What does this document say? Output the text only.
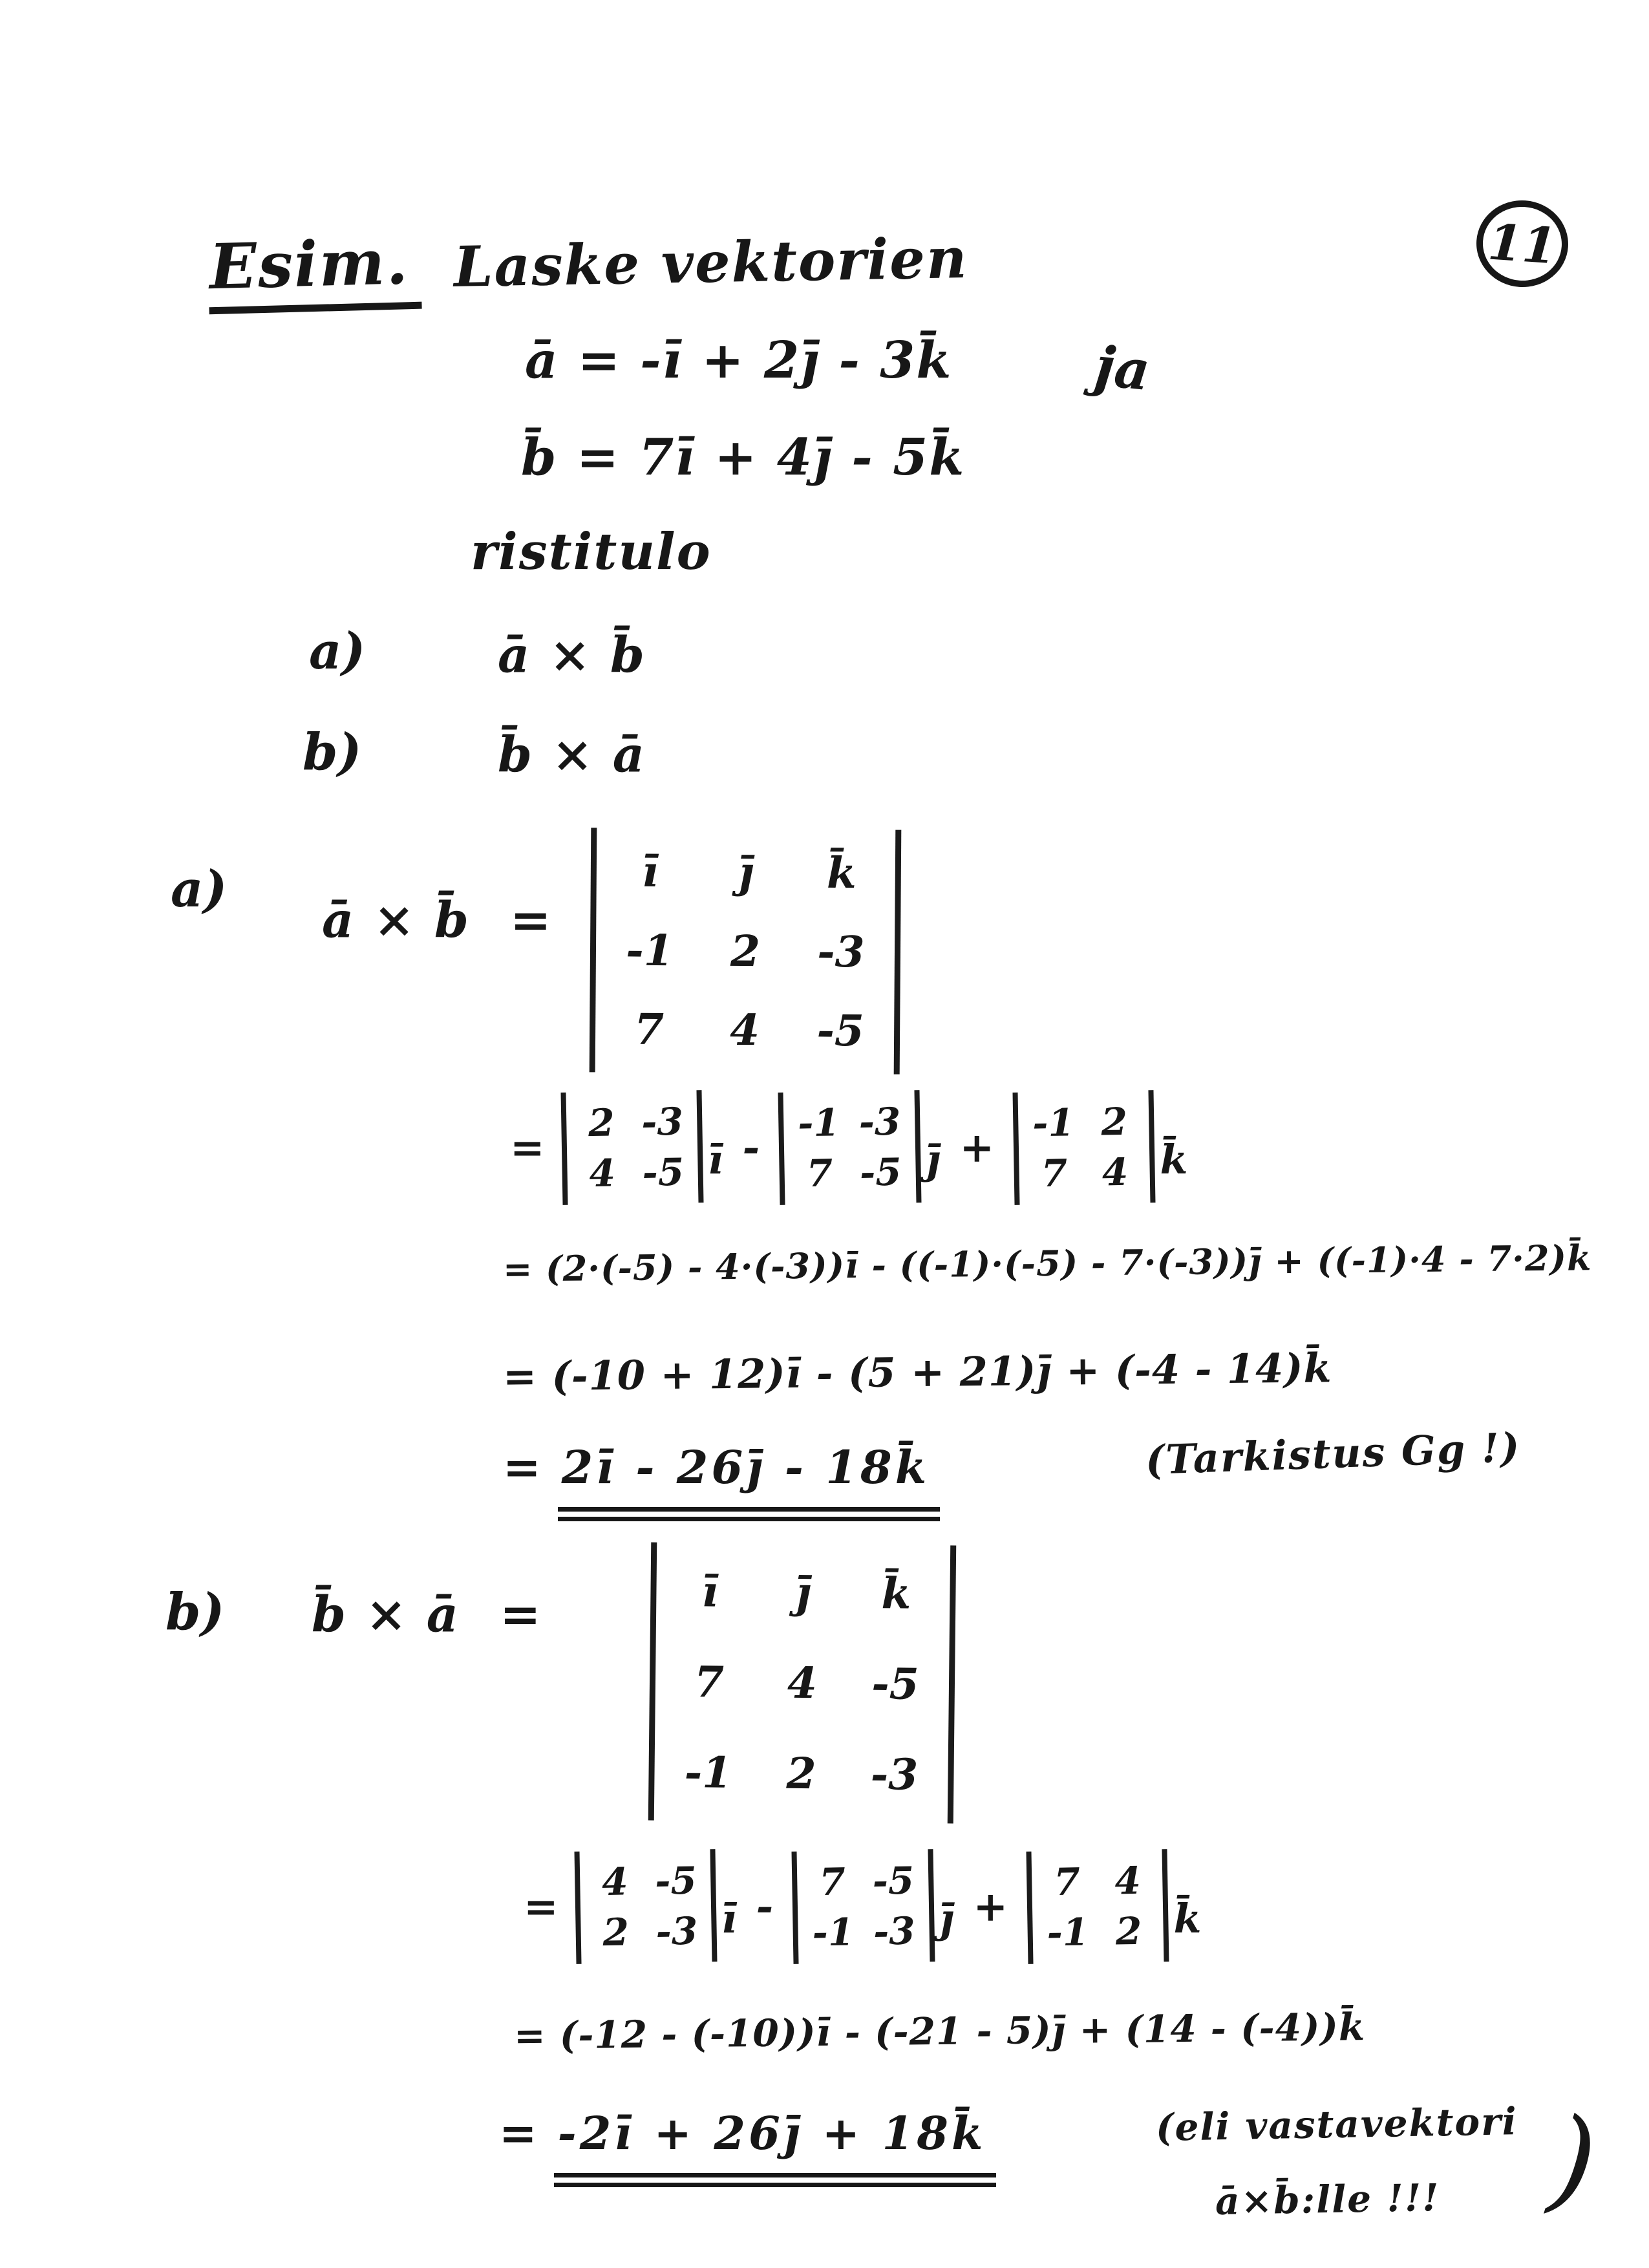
11
Esim. Laske vektorien
ā = -ī + 2j̄ - 3k̄	ja
b̄ = 7ī + 4j̄ - 5k̄
ristitulo
a)	ā × b̄
b)	b̄ × ā
a)
ā × b̄ =
ī	j̄	k̄
-1	2	-3
7	4	-5
=
2 -3
4 -5 ī -
-1 -3
7 -5 j̄ +
-1 2
7 4 k̄
= (2·(-5) - 4·(-3))ī - ((-1)·(-5) - 7·(-3))j̄ + ((-1)·4 - 7·2)k̄
= (-10 + 12)ī - (5 + 21)j̄ + (-4 - 14)k̄
= 2ī - 26j̄ - 18k̄	(Tarkistus Gg !)
b) b̄ × ā =	ī	j̄	k̄
7	4	-5
-1	2	-3
=
4 -5
2 -3 ī -
7 -5
-1 -3 j̄ +
7 4
-1 2 k̄
= (-12 - (-10))ī - (-21 - 5)j̄ + (14 - (-4))k̄
= -2ī + 26j̄ + 18k̄	(eli vastavektori
ā×b̄:lle !!! )
